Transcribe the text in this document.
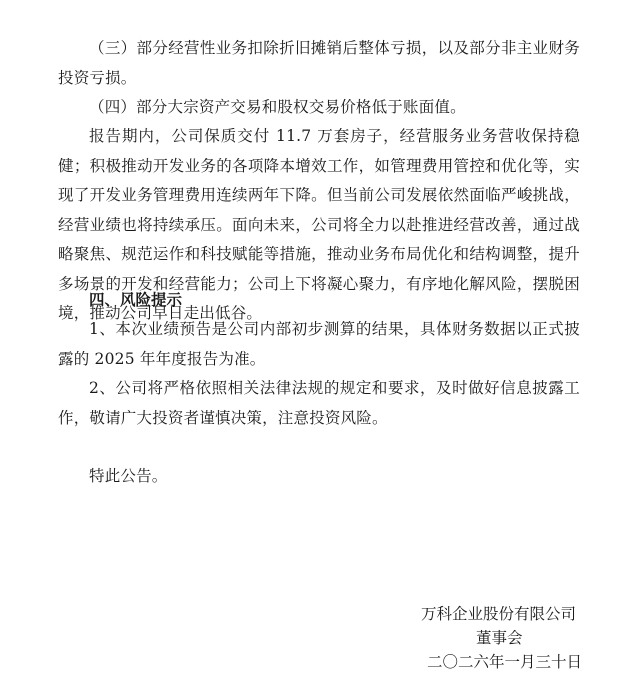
（三）部分经营性业务扣除折旧摊销后整体亏损，以及部分非主业财务投资亏损。

（四）部分大宗资产交易和股权交易价格低于账面值。

报告期内，公司保质交付 11.7 万套房子，经营服务业务营收保持稳健；积极推动开发业务的各项降本增效工作，如管理费用管控和优化等，实现了开发业务管理费用连续两年下降。但当前公司发展依然面临严峻挑战，经营业绩也将持续承压。面向未来，公司将全力以赴推进经营改善，通过战略聚焦、规范运作和科技赋能等措施，推动业务布局优化和结构调整，提升多场景的开发和经营能力；公司上下将凝心聚力，有序地化解风险，摆脱困境，推动公司早日走出低谷。

四、风险提示

1、本次业绩预告是公司内部初步测算的结果，具体财务数据以正式披露的 2025 年年度报告为准。

2、公司将严格依照相关法律法规的规定和要求，及时做好信息披露工作，敬请广大投资者谨慎决策，注意投资风险。

特此公告。

万科企业股份有限公司

董事会

二〇二六年一月三十日
